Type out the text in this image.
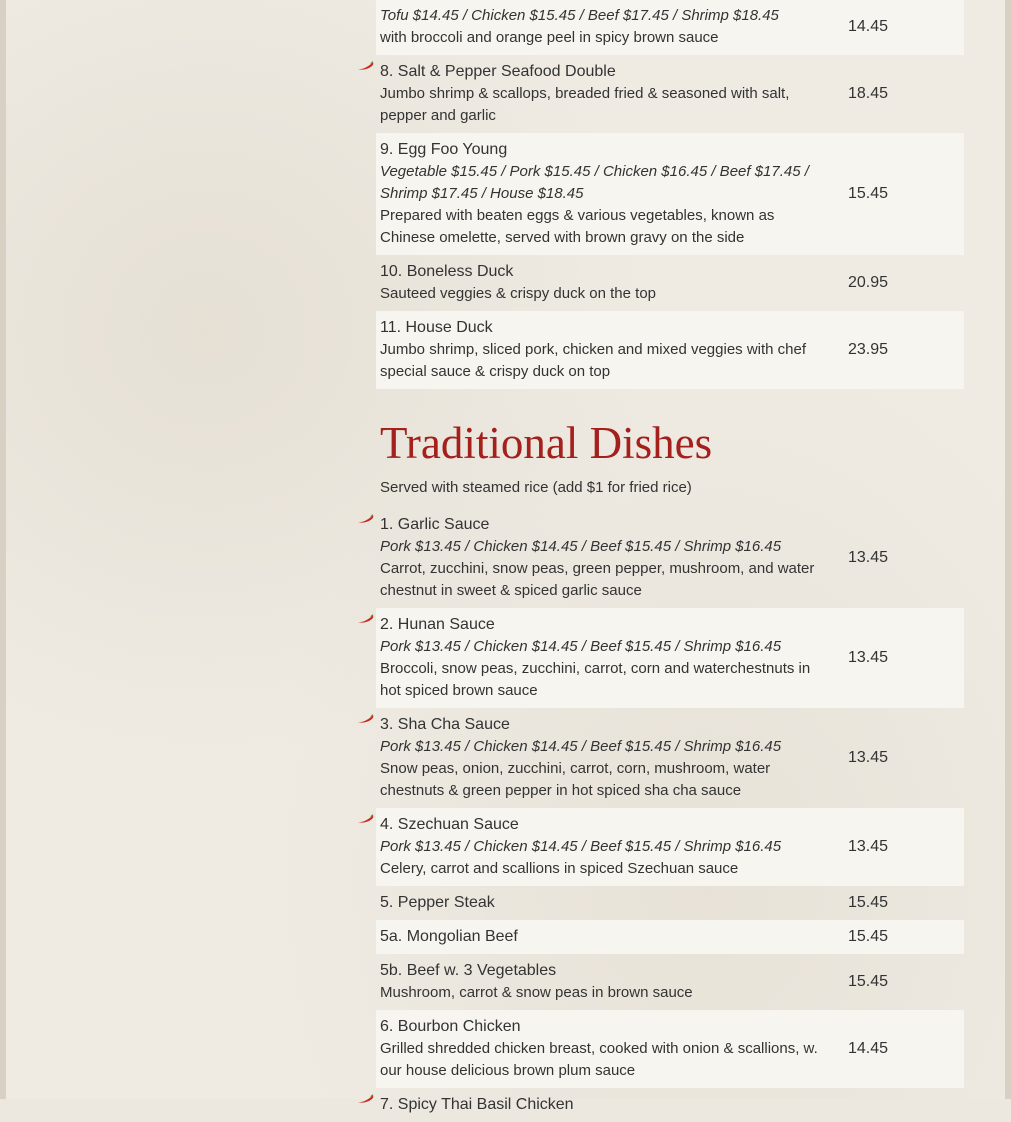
Tofu $14.45 / Chicken $15.45 / Beef $17.45 / Shrimp $18.45
with broccoli and orange peel in spicy brown sauce
14.45
8. Salt & Pepper Seafood Double
Jumbo shrimp & scallops, breaded fried & seasoned with salt, pepper and garlic
18.45
9. Egg Foo Young
Vegetable $15.45 / Pork $15.45 / Chicken $16.45 / Beef $17.45 / Shrimp $17.45 / House $18.45
Prepared with beaten eggs & various vegetables, known as Chinese omelette, served with brown gravy on the side
15.45
10. Boneless Duck
Sauteed veggies & crispy duck on the top
20.95
11. House Duck
Jumbo shrimp, sliced pork, chicken and mixed veggies with chef special sauce & crispy duck on top
23.95
Traditional Dishes
Served with steamed rice (add $1 for fried rice)
1. Garlic Sauce
Pork $13.45 / Chicken $14.45 / Beef $15.45 / Shrimp $16.45
Carrot, zucchini, snow peas, green pepper, mushroom, and water chestnut in sweet & spiced garlic sauce
13.45
2. Hunan Sauce
Pork $13.45 / Chicken $14.45 / Beef $15.45 / Shrimp $16.45
Broccoli, snow peas, zucchini, carrot, corn and waterchestnuts in hot spiced brown sauce
13.45
3. Sha Cha Sauce
Pork $13.45 / Chicken $14.45 / Beef $15.45 / Shrimp $16.45
Snow peas, onion, zucchini, carrot, corn, mushroom, water chestnuts & green pepper in hot spiced sha cha sauce
13.45
4. Szechuan Sauce
Pork $13.45 / Chicken $14.45 / Beef $15.45 / Shrimp $16.45
Celery, carrot and scallions in spiced Szechuan sauce
13.45
5. Pepper Steak	15.45
5a. Mongolian Beef	15.45
5b. Beef w. 3 Vegetables
Mushroom, carrot & snow peas in brown sauce
15.45
6. Bourbon Chicken
Grilled shredded chicken breast, cooked with onion & scallions, w. our house delicious brown plum sauce
14.45
7. Spicy Thai Basil Chicken
